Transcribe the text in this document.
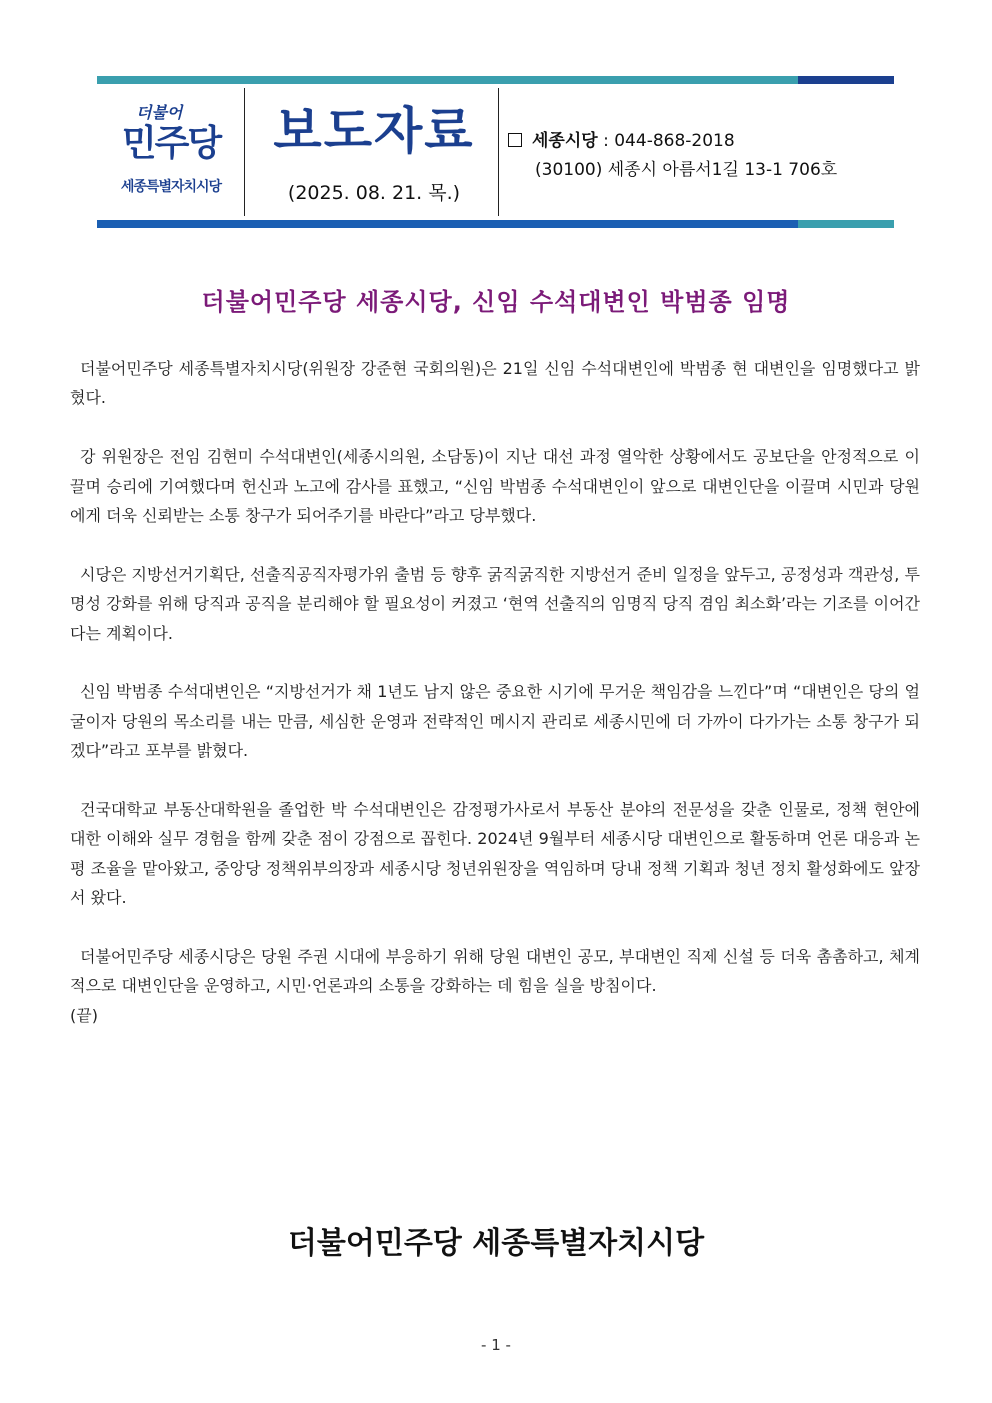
더불어
민주당
세종특별자치시당
보도자료
(2025. 08. 21. 목.)
세종시당 : 044-868-2018
(30100) 세종시 아름서1길 13-1 706호
더불어민주당 세종시당, 신임 수석대변인 박범종 임명

더불어민주당 세종특별자치시당(위원장 강준현 국회의원)은 21일 신임 수석대변인에 박범종 현 대변인을 임명했다고 밝혔다.

강 위원장은 전임 김현미 수석대변인(세종시의원, 소담동)이 지난 대선 과정 열악한 상황에서도 공보단을 안정적으로 이끌며 승리에 기여했다며 헌신과 노고에 감사를 표했고, “신임 박범종 수석대변인이 앞으로 대변인단을 이끌며 시민과 당원에게 더욱 신뢰받는 소통 창구가 되어주기를 바란다”라고 당부했다.

시당은 지방선거기획단, 선출직공직자평가위 출범 등 향후 굵직굵직한 지방선거 준비 일정을 앞두고, 공정성과 객관성, 투명성 강화를 위해 당직과 공직을 분리해야 할 필요성이 커졌고 ‘현역 선출직의 임명직 당직 겸임 최소화’라는 기조를 이어간다는 계획이다.

신임 박범종 수석대변인은 “지방선거가 채 1년도 남지 않은 중요한 시기에 무거운 책임감을 느낀다”며 “대변인은 당의 얼굴이자 당원의 목소리를 내는 만큼, 세심한 운영과 전략적인 메시지 관리로 세종시민에 더 가까이 다가가는 소통 창구가 되겠다”라고 포부를 밝혔다.

건국대학교 부동산대학원을 졸업한 박 수석대변인은 감정평가사로서 부동산 분야의 전문성을 갖춘 인물로, 정책 현안에 대한 이해와 실무 경험을 함께 갖춘 점이 강점으로 꼽힌다. 2024년 9월부터 세종시당 대변인으로 활동하며 언론 대응과 논평 조율을 맡아왔고, 중앙당 정책위부의장과 세종시당 청년위원장을 역임하며 당내 정책 기획과 청년 정치 활성화에도 앞장서 왔다.

더불어민주당 세종시당은 당원 주권 시대에 부응하기 위해 당원 대변인 공모, 부대변인 직제 신설 등 더욱 촘촘하고, 체계적으로 대변인단을 운영하고, 시민·언론과의 소통을 강화하는 데 힘을 실을 방침이다.

(끝)

더불어민주당 세종특별자치시당
- 1 -
